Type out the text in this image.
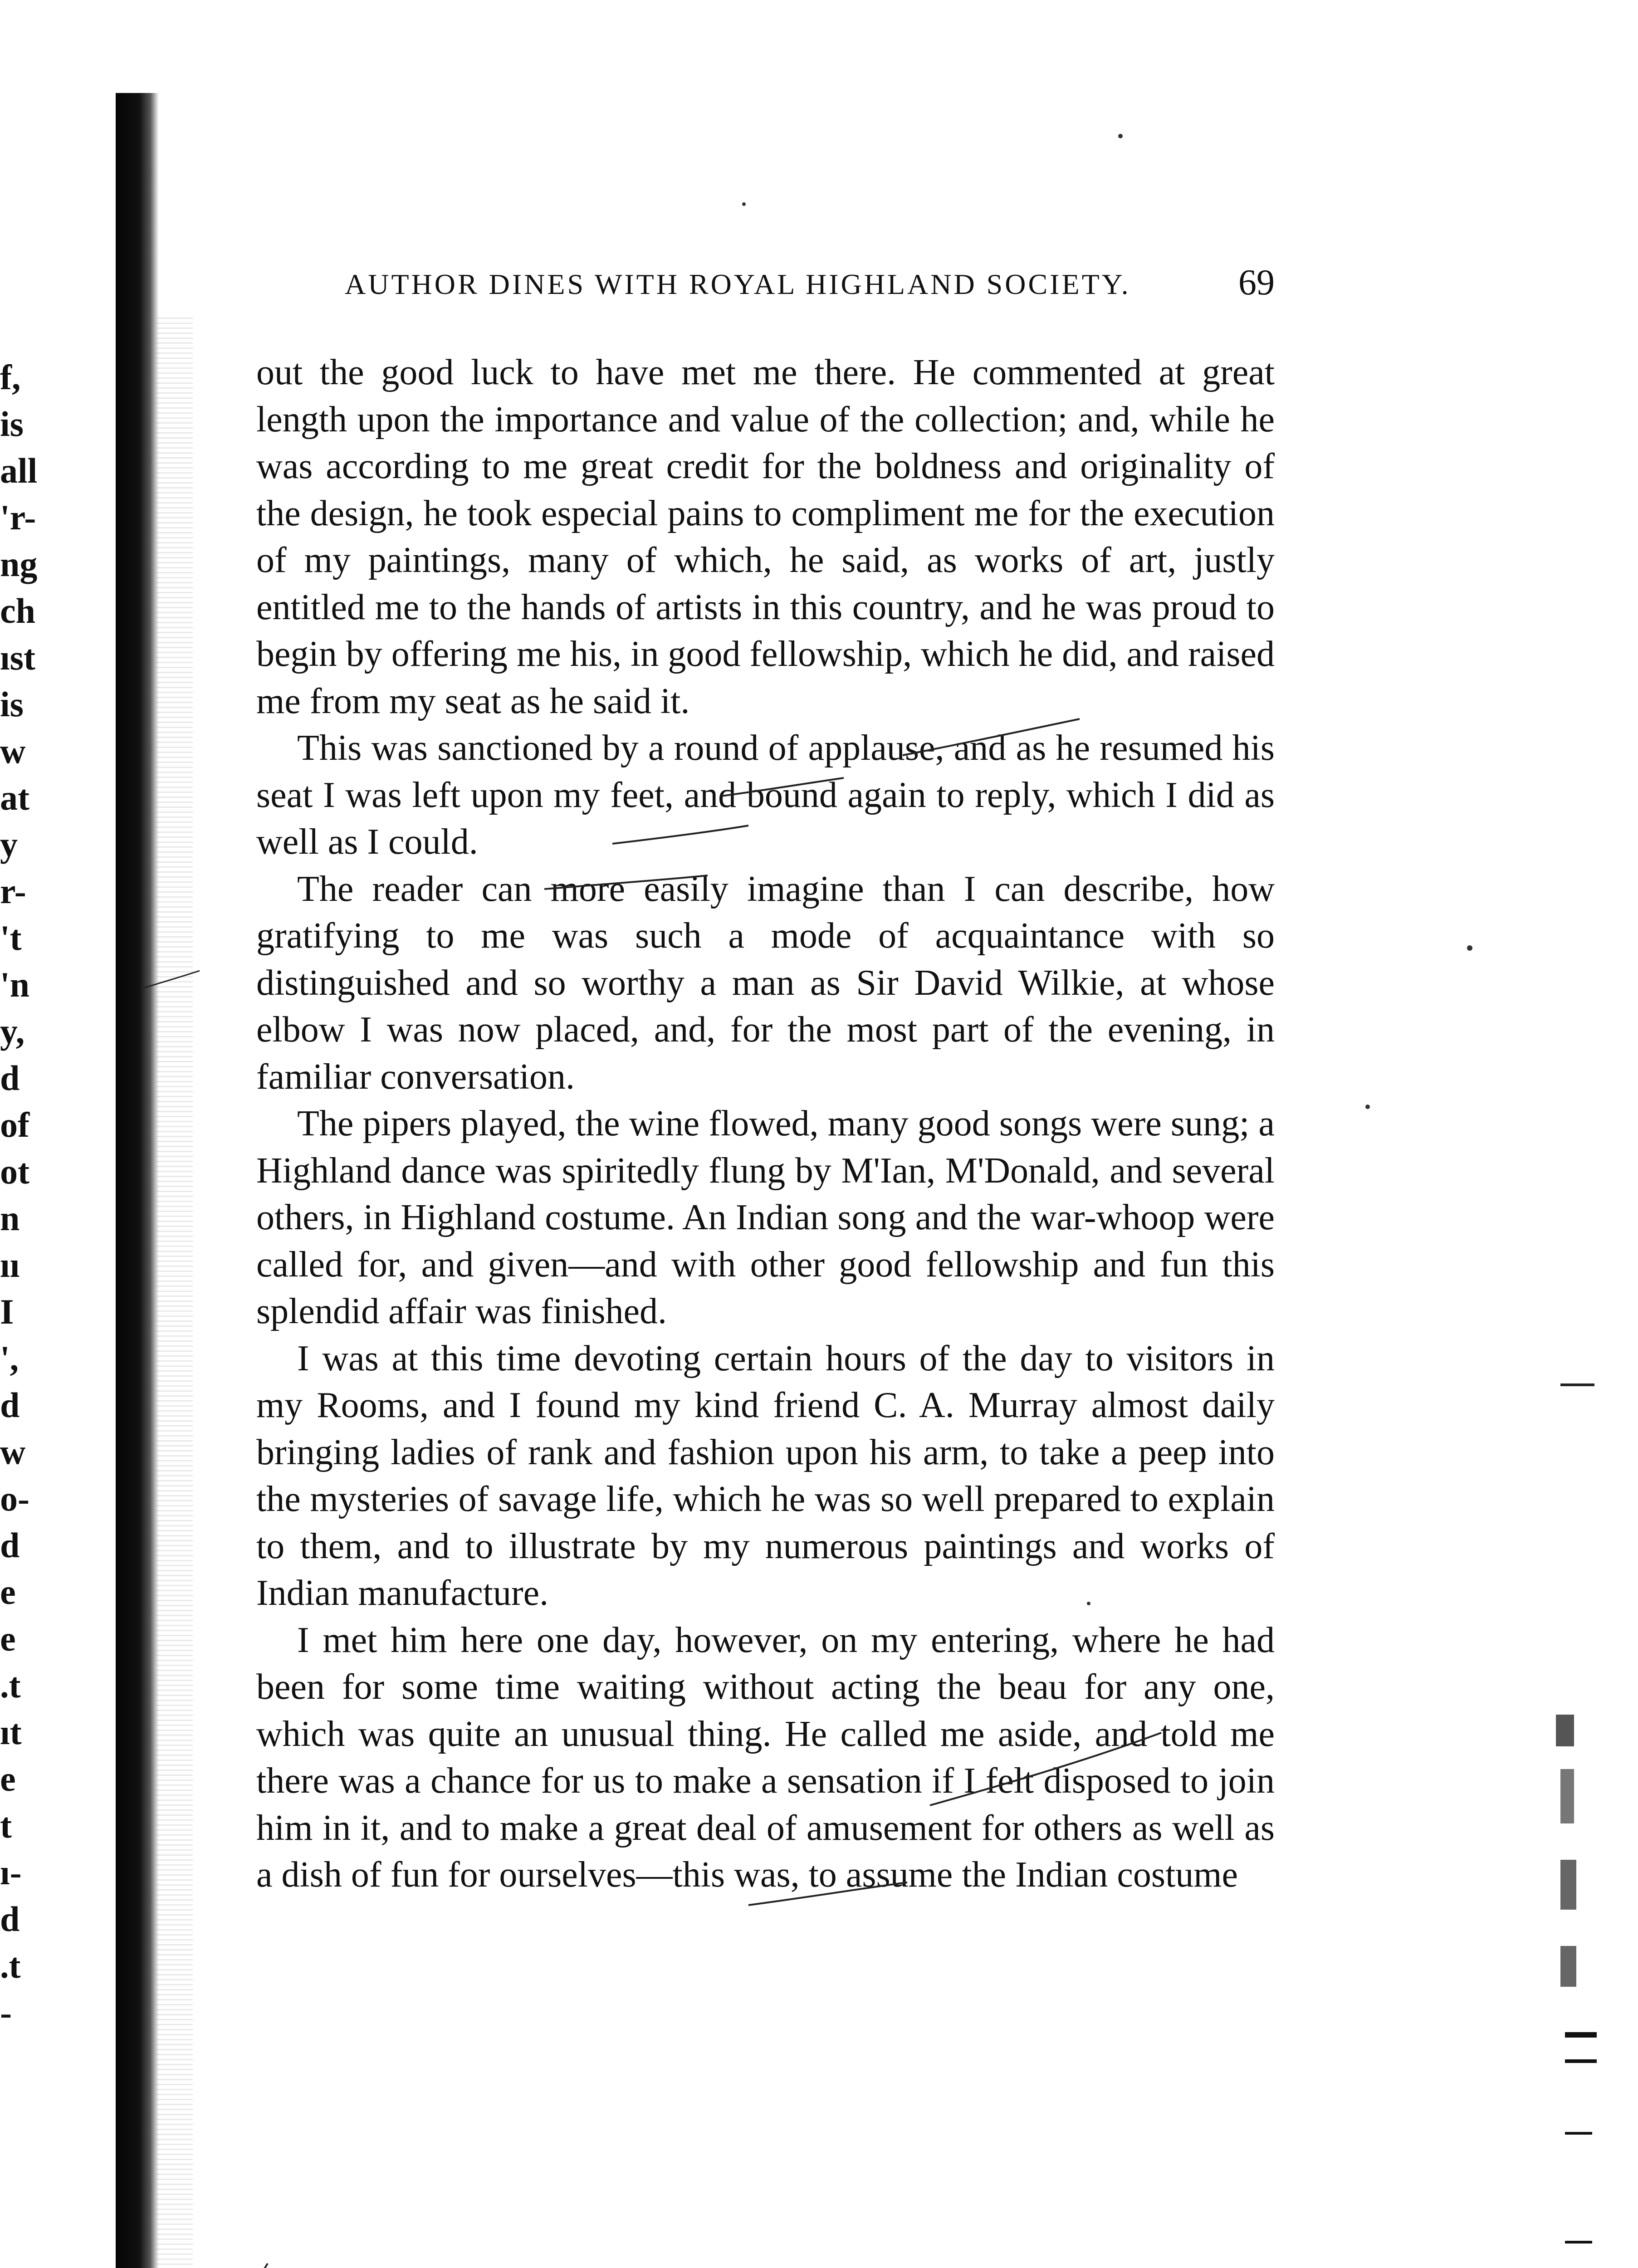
f,
is
all
'r-
ng
ch
ıst
is
w
at
y
r-
't
'n
y,
d
of
ot
n
ıı
I
',
d
w
o-
d
e
e
.t
ıt
e
t
ı-
d
.t
-
AUTHOR DINES WITH ROYAL HIGHLAND SOCIETY.	69

out the good luck to have met me there. He commented at great length upon the importance and value of the collection; and, while he was according to me great credit for the boldness and originality of the design, he took especial pains to compliment me for the execution of my paintings, many of which, he said, as works of art, justly entitled me to the hands of artists in this country, and he was proud to begin by offering me his, in good fellowship, which he did, and raised me from my seat as he said it.

This was sanctioned by a round of applause, and as he resumed his seat I was left upon my feet, and bound again to reply, which I did as well as I could.

The reader can more easily imagine than I can describe, how gratifying to me was such a mode of acquaintance with so distinguished and so worthy a man as Sir David Wilkie, at whose elbow I was now placed, and, for the most part of the evening, in familiar conversation.

The pipers played, the wine flowed, many good songs were sung; a Highland dance was spiritedly flung by M'Ian, M'Donald, and several others, in Highland costume. An Indian song and the war-whoop were called for, and given—and with other good fellowship and fun this splendid affair was finished.

I was at this time devoting certain hours of the day to visitors in my Rooms, and I found my kind friend C. A. Murray almost daily bringing ladies of rank and fashion upon his arm, to take a peep into the mysteries of savage life, which he was so well prepared to explain to them, and to illustrate by my numerous paintings and works of Indian manufacture.

I met him here one day, however, on my entering, where he had been for some time waiting without acting the beau for any one, which was quite an unusual thing. He called me aside, and told me there was a chance for us to make a sensation if I felt disposed to join him in it, and to make a great deal of amusement for others as well as a dish of fun for ourselves—this was, to assume the Indian costume
